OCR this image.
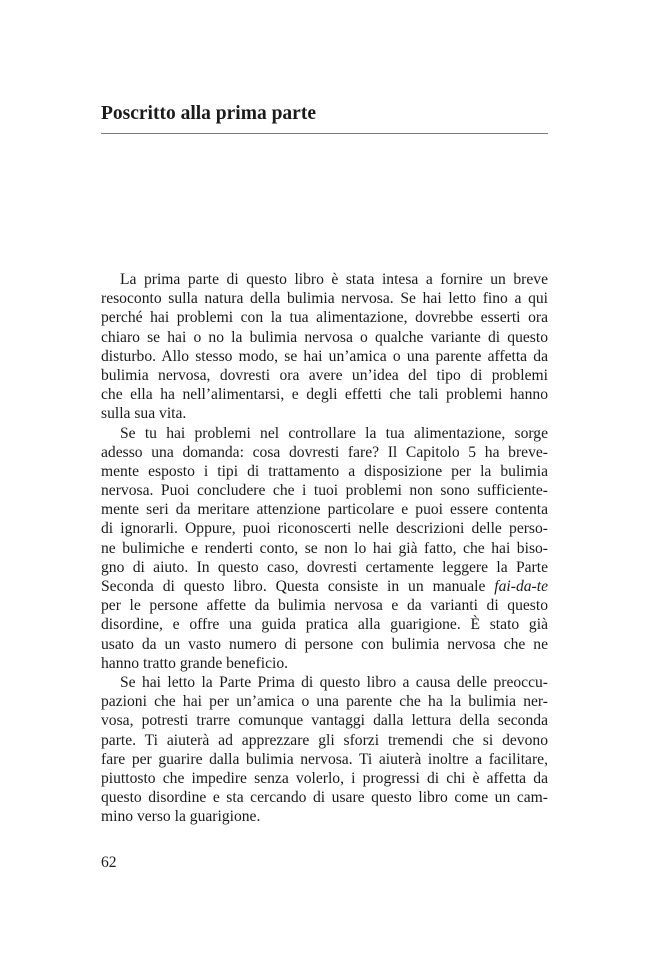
Poscritto alla prima parte
La prima parte di questo libro è stata intesa a fornire un breve
resoconto sulla natura della bulimia nervosa. Se hai letto fino a qui
perché hai problemi con la tua alimentazione, dovrebbe esserti ora
chiaro se hai o no la bulimia nervosa o qualche variante di questo
disturbo. Allo stesso modo, se hai un’amica o una parente affetta da
bulimia nervosa, dovresti ora avere un’idea del tipo di problemi
che ella ha nell’alimentarsi, e degli effetti che tali problemi hanno
sulla sua vita.
Se tu hai problemi nel controllare la tua alimentazione, sorge
adesso una domanda: cosa dovresti fare? Il Capitolo 5 ha breve-
mente esposto i tipi di trattamento a disposizione per la bulimia
nervosa. Puoi concludere che i tuoi problemi non sono sufficiente-
mente seri da meritare attenzione particolare e puoi essere contenta
di ignorarli. Oppure, puoi riconoscerti nelle descrizioni delle perso-
ne bulimiche e renderti conto, se non lo hai già fatto, che hai biso-
gno di aiuto. In questo caso, dovresti certamente leggere la Parte
Seconda di questo libro. Questa consiste in un manuale fai-da-te
per le persone affette da bulimia nervosa e da varianti di questo
disordine, e offre una guida pratica alla guarigione. È stato già
usato da un vasto numero di persone con bulimia nervosa che ne
hanno tratto grande beneficio.
Se hai letto la Parte Prima di questo libro a causa delle preoccu-
pazioni che hai per un’amica o una parente che ha la bulimia ner-
vosa, potresti trarre comunque vantaggi dalla lettura della seconda
parte. Ti aiuterà ad apprezzare gli sforzi tremendi che si devono
fare per guarire dalla bulimia nervosa. Ti aiuterà inoltre a facilitare,
piuttosto che impedire senza volerlo, i progressi di chi è affetta da
questo disordine e sta cercando di usare questo libro come un cam-
mino verso la guarigione.
62
